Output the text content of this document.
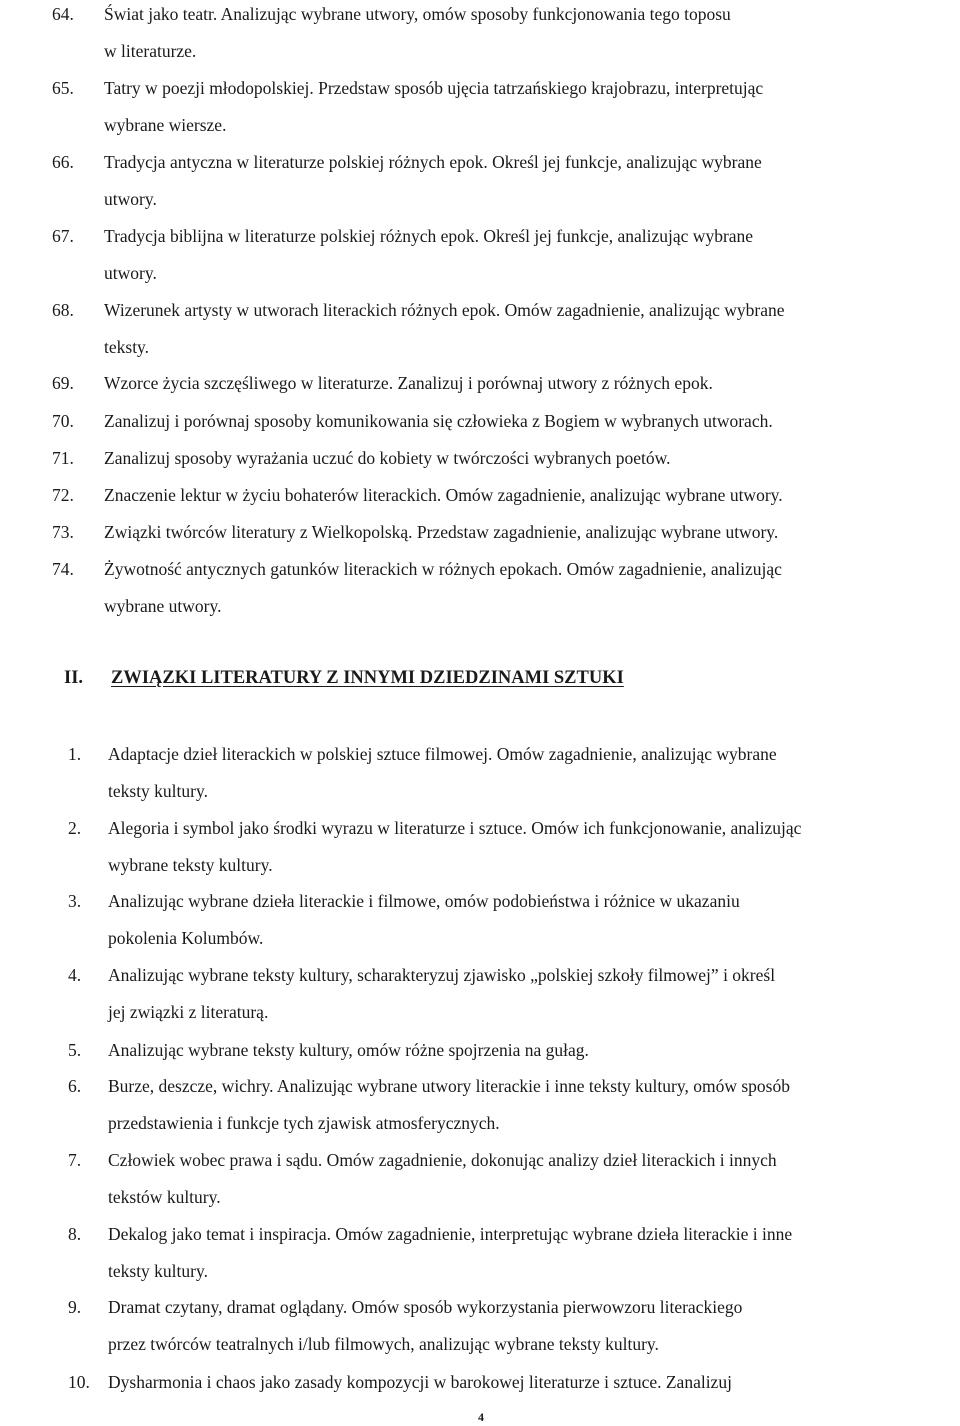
64. Świat jako teatr. Analizując wybrane utwory, omów sposoby funkcjonowania tego toposu
w literaturze.
65. Tatry w poezji młodopolskiej. Przedstaw sposób ujęcia tatrzańskiego krajobrazu, interpretując
wybrane wiersze.
66. Tradycja antyczna w literaturze polskiej różnych epok. Określ jej funkcje, analizując wybrane
utwory.
67. Tradycja biblijna w literaturze polskiej różnych epok. Określ jej funkcje, analizując wybrane
utwory.
68. Wizerunek artysty w utworach literackich różnych epok. Omów zagadnienie, analizując wybrane
teksty.
69. Wzorce życia szczęśliwego w literaturze. Zanalizuj i porównaj utwory z różnych epok.
70. Zanalizuj i porównaj sposoby komunikowania się człowieka z Bogiem w wybranych utworach.
71. Zanalizuj sposoby wyrażania uczuć do kobiety w twórczości wybranych poetów.
72. Znaczenie lektur w życiu bohaterów literackich. Omów zagadnienie, analizując wybrane utwory.
73. Związki twórców literatury z Wielkopolską. Przedstaw zagadnienie, analizując wybrane utwory.
74. Żywotność antycznych gatunków literackich w różnych epokach. Omów zagadnienie, analizując
wybrane utwory.
II. ZWIĄZKI LITERATURY Z INNYMI DZIEDZINAMI SZTUKI
1. Adaptacje dzieł literackich w polskiej sztuce filmowej. Omów zagadnienie, analizując wybrane
teksty kultury.
2. Alegoria i symbol jako środki wyrazu w literaturze i sztuce. Omów ich funkcjonowanie, analizując
wybrane teksty kultury.
3. Analizując wybrane dzieła literackie i filmowe, omów podobieństwa i różnice w ukazaniu
pokolenia Kolumbów.
4. Analizując wybrane teksty kultury, scharakteryzuj zjawisko „polskiej szkoły filmowej” i określ
jej związki z literaturą.
5. Analizując wybrane teksty kultury, omów różne spojrzenia na gułag.
6. Burze, deszcze, wichry. Analizując wybrane utwory literackie i inne teksty kultury, omów sposób
przedstawienia i funkcje tych zjawisk atmosferycznych.
7. Człowiek wobec prawa i sądu. Omów zagadnienie, dokonując analizy dzieł literackich i innych
tekstów kultury.
8. Dekalog jako temat i inspiracja. Omów zagadnienie, interpretując wybrane dzieła literackie i inne
teksty kultury.
9. Dramat czytany, dramat oglądany. Omów sposób wykorzystania pierwowzoru literackiego
przez twórców teatralnych i/lub filmowych, analizując wybrane teksty kultury.
10. Dysharmonia i chaos jako zasady kompozycji w barokowej literaturze i sztuce. Zanalizuj
4
